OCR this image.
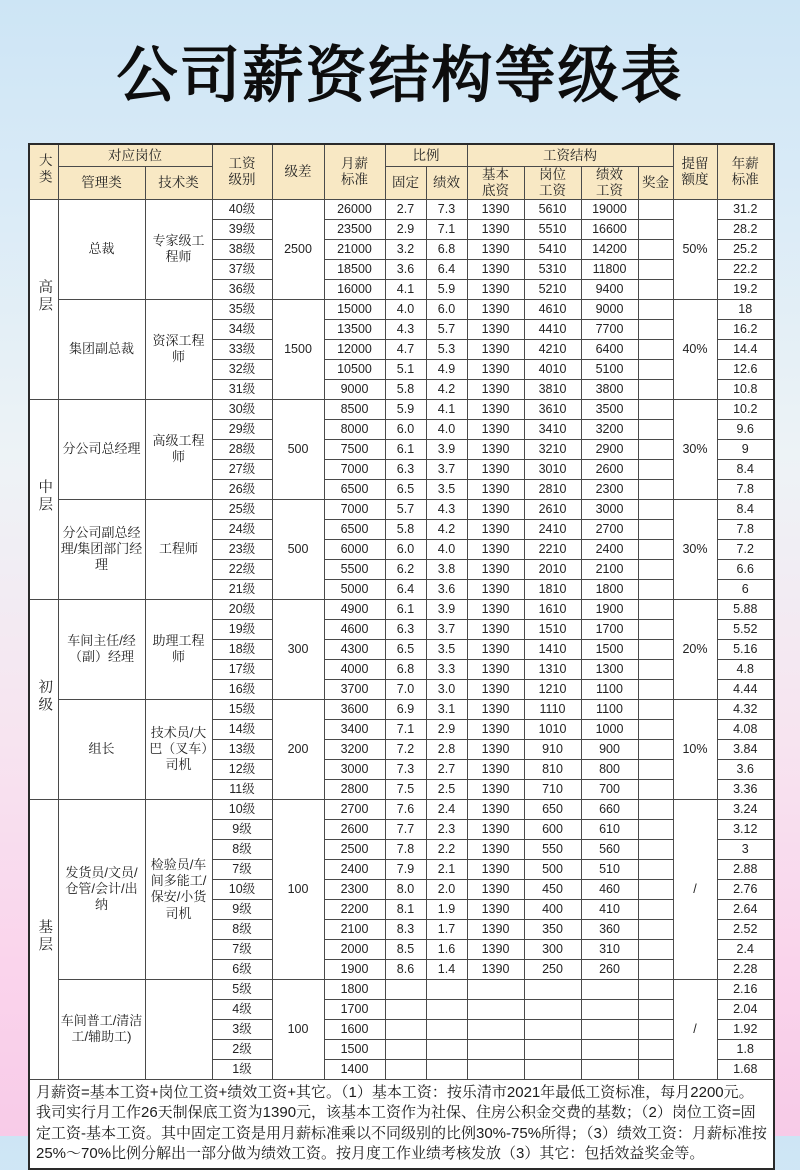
公司薪资结构等级表
大类	对应岗位		工资级别	级差	月薪标准	比例		工资结构				提留额度	年薪标准
	管理类	技术类				固定	绩效	基本底资	岗位工资	绩效工资	奖金		
高层	总裁	专家级工程师	40级	2500	26000	2.7	7.3	1390	5610	19000		50%	31.2
			39级		23500	2.9	7.1	1390	5510	16600			28.2
			38级		21000	3.2	6.8	1390	5410	14200			25.2
			37级		18500	3.6	6.4	1390	5310	11800			22.2
			36级		16000	4.1	5.9	1390	5210	9400			19.2
	集团副总裁	资深工程师	35级	1500	15000	4.0	6.0	1390	4610	9000		40%	18
			34级		13500	4.3	5.7	1390	4410	7700			16.2
			33级		12000	4.7	5.3	1390	4210	6400			14.4
			32级		10500	5.1	4.9	1390	4010	5100			12.6
			31级		9000	5.8	4.2	1390	3810	3800			10.8
中层	分公司总经理	高级工程师	30级	500	8500	5.9	4.1	1390	3610	3500		30%	10.2
			29级		8000	6.0	4.0	1390	3410	3200			9.6
			28级		7500	6.1	3.9	1390	3210	2900			9
			27级		7000	6.3	3.7	1390	3010	2600			8.4
			26级		6500	6.5	3.5	1390	2810	2300			7.8
	分公司副总经理/集团部门经理	工程师	25级	500	7000	5.7	4.3	1390	2610	3000		30%	8.4
			24级		6500	5.8	4.2	1390	2410	2700			7.8
			23级		6000	6.0	4.0	1390	2210	2400			7.2
			22级		5500	6.2	3.8	1390	2010	2100			6.6
			21级		5000	6.4	3.6	1390	1810	1800			6
初级	车间主任/经（副）经理	助理工程师	20级	300	4900	6.1	3.9	1390	1610	1900		20%	5.88
			19级		4600	6.3	3.7	1390	1510	1700			5.52
			18级		4300	6.5	3.5	1390	1410	1500			5.16
			17级		4000	6.8	3.3	1390	1310	1300			4.8
			16级		3700	7.0	3.0	1390	1210	1100			4.44
	组长	技术员/大巴（叉车）司机	15级	200	3600	6.9	3.1	1390	1110	1100		10%	4.32
			14级		3400	7.1	2.9	1390	1010	1000			4.08
			13级		3200	7.2	2.8	1390	910	900			3.84
			12级		3000	7.3	2.7	1390	810	800			3.6
			11级		2800	7.5	2.5	1390	710	700			3.36
基层	发货员/文员/仓管/会计/出纳	检验员/车间多能工/保安/小货司机	10级	100	2700	7.6	2.4	1390	650	660		/	3.24
			9级		2600	7.7	2.3	1390	600	610			3.12
			8级		2500	7.8	2.2	1390	550	560			3
			7级		2400	7.9	2.1	1390	500	510			2.88
			10级		2300	8.0	2.0	1390	450	460			2.76
			9级		2200	8.1	1.9	1390	400	410			2.64
			8级		2100	8.3	1.7	1390	350	360			2.52
			7级		2000	8.5	1.6	1390	300	310			2.4
			6级		1900	8.6	1.4	1390	250	260			2.28
	车间普工/清洁工/辅助工)		5级	100	1800							/	2.16
			4级		1700								2.04
			3级		1600								1.92
			2级		1500								1.8
			1级		1400								1.68
月薪资=基本工资+岗位工资+绩效工资+其它。（1）基本工资：按乐清市2021年最低工资标准，每月2200元。我司实行月工作26天制保底工资为1390元，该基本工资作为社保、住房公积金交费的基数；（2）岗位工资=固定工资-基本工资。其中固定工资是用月薪标准乘以不同级别的比例30%-75%所得；（3）绩效工资：月薪标准按25%～70%比例分解出一部分做为绩效工资。按月度工作业绩考核发放（3）其它：包括效益奖金等。													
